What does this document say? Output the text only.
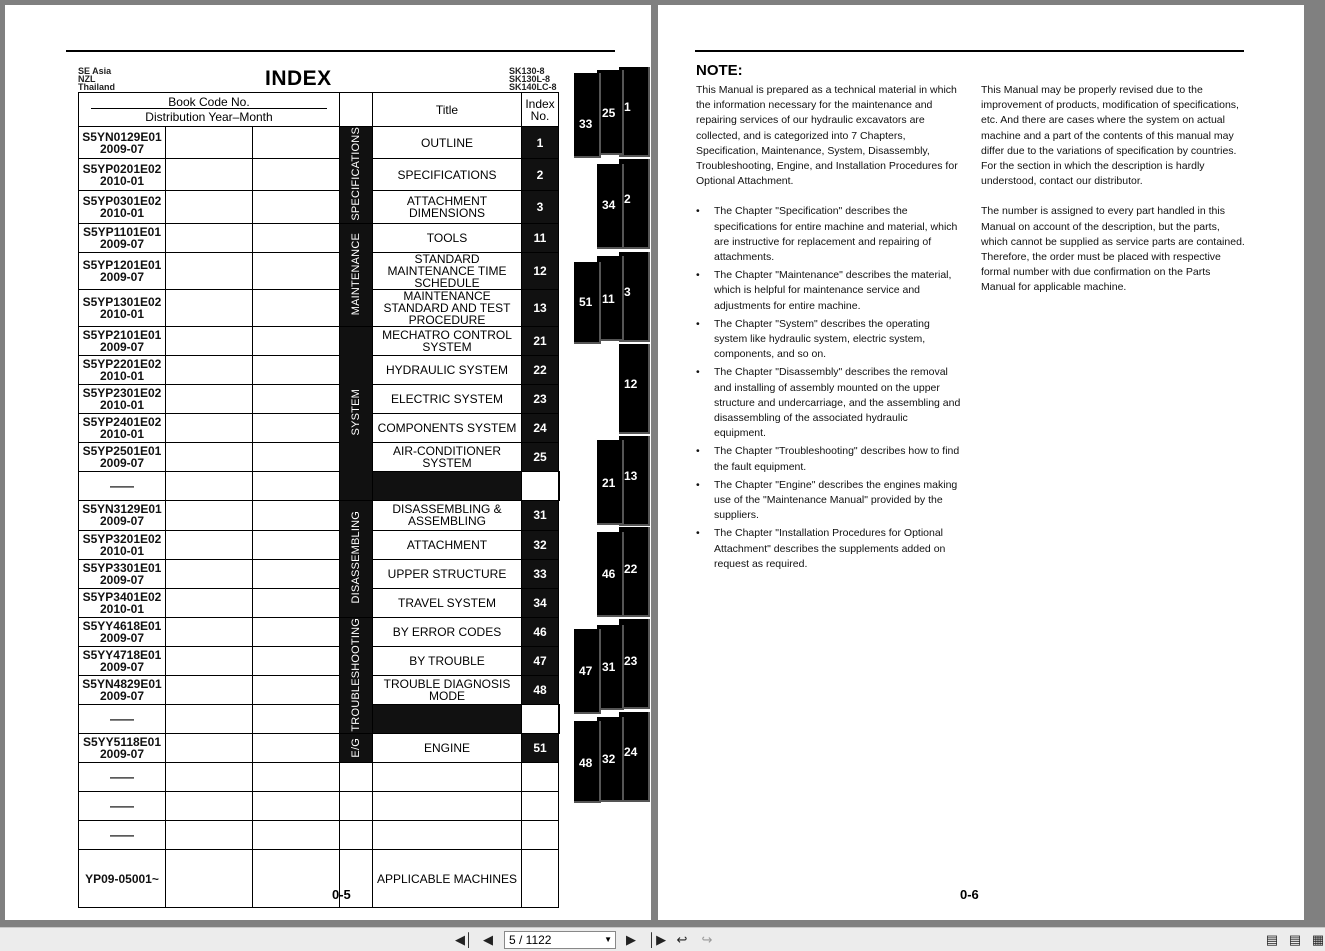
SE Asia
NZL
Thailand	INDEX	SK130-8
SK130L-8
SK140LC-8
Book Code No.
Distribution Year–Month				Title	Index No.	

S5YN0129E01
2009-07			SPECIFICATIONS	OUTLINE	1	

S5YP0201E02
2010-01				SPECIFICATIONS	2	

S5YP0301E02
2010-01				ATTACHMENT DIMENSIONS	3	

S5YP1101E01
2009-07			MAINTENANCE	TOOLS	11	

S5YP1201E01
2009-07				STANDARD MAINTENANCE TIME SCHEDULE	12	

S5YP1301E02
2010-01				MAINTENANCE STANDARD AND TEST PROCEDURE	13	

S5YP2101E01
2009-07			SYSTEM	MECHATRO CONTROL SYSTEM	21	

S5YP2201E02
2010-01				HYDRAULIC SYSTEM	22	

S5YP2301E02
2010-01				ELECTRIC SYSTEM	23	

S5YP2401E02
2010-01				COMPONENTS SYSTEM	24	

S5YP2501E01
2009-07				AIR-CONDITIONER SYSTEM	25	

——						

S5YN3129E01
2009-07			DISASSEMBLING	DISASSEMBLING & ASSEMBLING	31	

S5YP3201E02
2010-01				ATTACHMENT	32	

S5YP3301E01
2009-07				UPPER STRUCTURE	33	

S5YP3401E02
2010-01				TRAVEL SYSTEM	34	

S5YY4618E01
2009-07			TROUBLESHOOTING	BY ERROR CODES	46	

S5YY4718E01
2009-07				BY TROUBLE	47	

S5YN4829E01
2009-07				TROUBLE DIAGNOSIS MODE	48	

——						

S5YY5118E01
2009-07			E/G	ENGINE	51	

——						

——						

——						

YP09-05001~				APPLICABLE MACHINES		
0-5	0-6
1
2
3
11
12
13
21
22
23
24
25
31
32
33
34
46
47
48
51
NOTE:

This Manual is prepared as a technical material in which the information necessary for the maintenance and repairing services of our hydraulic excavators are collected, and is categorized into 7 Chapters, Specification, Maintenance, System, Disassembly, Troubleshooting, Engine, and Installation Procedures for Optional Attachment.

• The Chapter "Specification" describes the specifications for entire machine and material, which are instructive for replacement and repairing of attachments.
• The Chapter "Maintenance" describes the material, which is helpful for maintenance service and adjustments for entire machine.
• The Chapter "System" describes the operating system like hydraulic system, electric system, components, and so on.
• The Chapter "Disassembly" describes the removal and installing of assembly mounted on the upper structure and undercarriage, and the assembling and disassembling of the associated hydraulic equipment.
• The Chapter "Troubleshooting" describes how to find the fault equipment.
• The Chapter "Engine" describes the engines making use of the "Maintenance Manual" provided by the suppliers.
• The Chapter "Installation Procedures for Optional Attachment" describes the supplements added on request as required.

This Manual may be properly revised due to the improvement of products, modification of specifications, etc. And there are cases where the system on actual machine and a part of the contents of this manual may differ due to the variations of specification by countries. For the section in which the description is hardly understood, contact our distributor.

The number is assigned to every part handled in this Manual on account of the description, but the parts, which cannot be supplied as service parts are contained. Therefore, the order must be placed with respective formal number with due confirmation on the Parts Manual for applicable machine.

◀│ ◀	5 / 1122	▼ ▶ │▶ ↩ ↪	▤ ▤ ▦
